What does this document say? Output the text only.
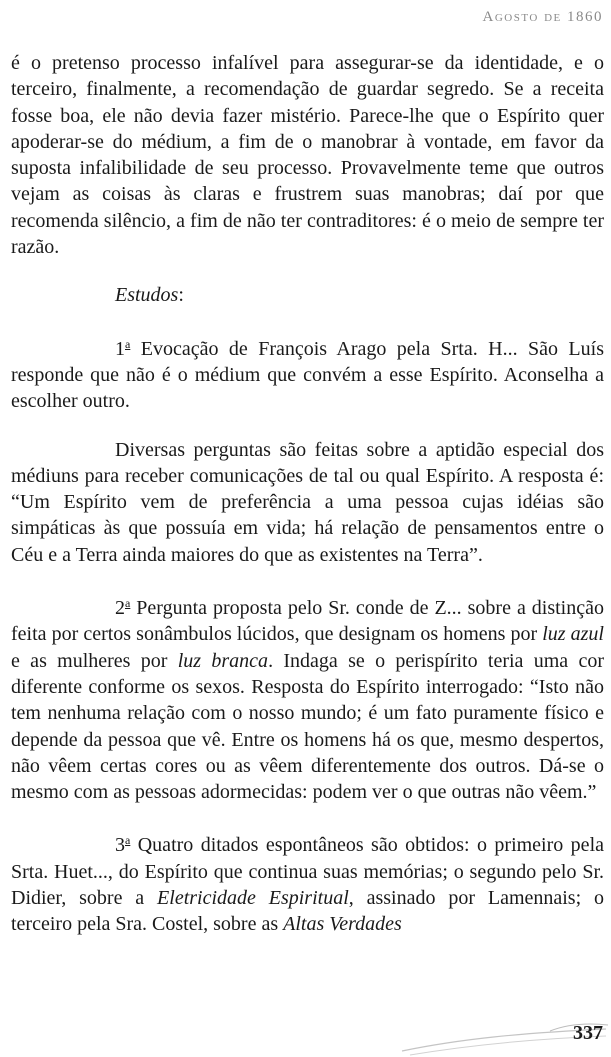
Agosto de 1860

é o pretenso processo infalível para assegurar-se da identidade, e o terceiro, finalmente, a recomendação de guardar segredo. Se a receita fosse boa, ele não devia fazer mistério. Parece-lhe que o Espírito quer apoderar-se do médium, a fim de o manobrar à vontade, em favor da suposta infalibilidade de seu processo. Provavelmente teme que outros vejam as coisas às claras e frustrem suas manobras; daí por que recomenda silêncio, a fim de não ter contraditores: é o meio de sempre ter razão.

Estudos:

1$^a$ Evocação de François Arago pela Srta. H... São Luís responde que não é o médium que convém a esse Espírito. Aconselha a escolher outro.

Diversas perguntas são feitas sobre a aptidão especial dos médiuns para receber comunicações de tal ou qual Espírito. A resposta é: “Um Espírito vem de preferência a uma pessoa cujas idéias são simpáticas às que possuía em vida; há relação de pensamentos entre o Céu e a Terra ainda maiores do que as existentes na Terra”.

2$^a$ Pergunta proposta pelo Sr. conde de Z... sobre a distinção feita por certos sonâmbulos lúcidos, que designam os homens por luz azul e as mulheres por luz branca. Indaga se o perispírito teria uma cor diferente conforme os sexos. Resposta do Espírito interrogado: “Isto não tem nenhuma relação com o nosso mundo; é um fato puramente físico e depende da pessoa que vê. Entre os homens há os que, mesmo despertos, não vêem certas cores ou as vêem diferentemente dos outros. Dá-se o mesmo com as pessoas adormecidas: podem ver o que outras não vêem.”

3$^a$ Quatro ditados espontâneos são obtidos: o primeiro pela Srta. Huet..., do Espírito que continua suas memórias; o segundo pelo Sr. Didier, sobre a Eletricidade Espiritual, assinado por Lamennais; o terceiro pela Sra. Costel, sobre as Altas Verdades

337
